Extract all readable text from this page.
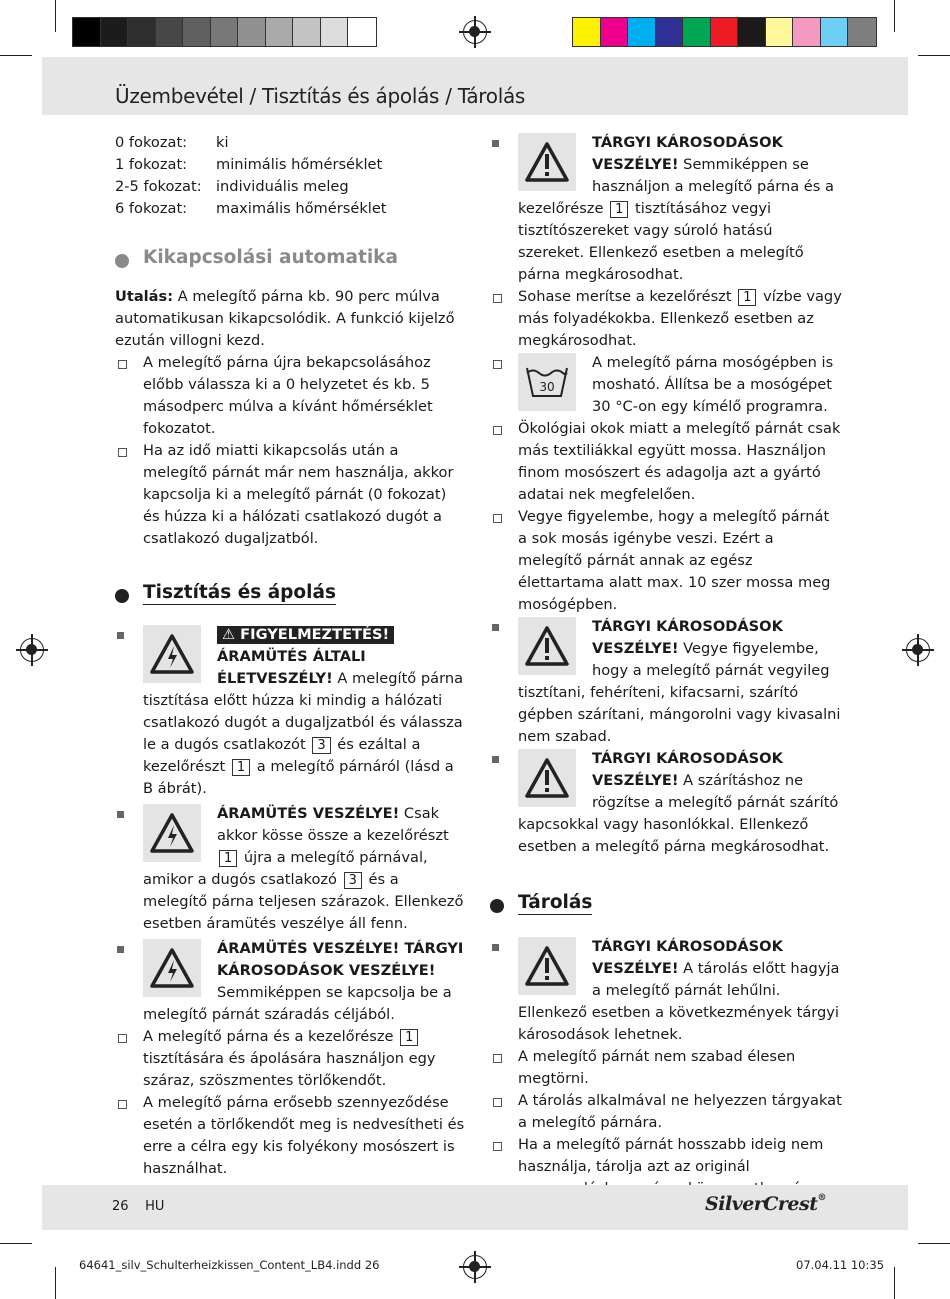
Üzembevétel / Tisztítás és ápolás / Tárolás
0 fokozat:	ki
1 fokozat:	minimális hőmérséklet
2-5 fokozat: individuális meleg
6 fokozat:	maximális hőmérséklet
Kikapcsolási automatika

Utalás: A melegítő párna kb. 90 perc múlva automatikusan kikapcsolódik. A funkció kijelző ezután villogni kezd.

A melegítő párna újra bekapcsolásához előbb válassza ki a 0 helyzetet és kb. 5 másodperc múlva a kívánt hőmérséklet fokozatot.
Ha az idő miatti kikapcsolás után a melegítő párnát már nem használja, akkor kapcsolja ki a melegítő párnát (0 fokozat) és húzza ki a hálózati csatlakozó dugót a csatlakozó dugaljzatból.
Tisztítás és ápolás
⚠ FIGYELMEZTETÉS! ÁRAMÜTÉS ÁLTALI ÉLETVESZÉLY! A melegítő párna tisztítása előtt húzza ki mindig a hálózati csatlakozó dugót a dugaljzatból és válassza le a dugós csatlakozót 3 és ezáltal a kezelőrészt 1 a melegítő párnáról (lásd a B ábrát).
ÁRAMÜTÉS VESZÉLYE! Csak akkor kösse össze a kezelőrészt 1 újra a melegítő párnával, amikor a dugós csatlakozó 3 és a melegítő párna teljesen szárazok. Ellenkező esetben áramütés veszélye áll fenn.
ÁRAMÜTÉS VESZÉLYE! TÁRGYI KÁROSODÁSOK VESZÉLYE! Semmiképpen se kapcsolja be a melegítő párnát száradás céljából.
A melegítő párna és a kezelőrésze 1 tisztítására és ápolására használjon egy száraz, szöszmentes törlőkendőt.
A melegítő párna erősebb szennyeződése esetén a törlőkendőt meg is nedvesítheti és erre a célra egy kis folyékony mosószert is használhat.
TÁRGYI KÁROSODÁSOK VESZÉLYE! Semmiképpen se használjon a melegítő párna és a kezelőrésze 1 tisztításához vegyi tisztítószereket vagy súroló hatású szereket. Ellenkező esetben a melegítő párna megkárosodhat.
Sohase merítse a kezelőrészt 1 vízbe vagy más folyadékokba. Ellenkező esetben az megkárosodhat.
30
A melegítő párna mosógépben is mosható. Állítsa be a mosógépet 30 °C-on egy kímélő programra.
Ökológiai okok miatt a melegítő párnát csak más textiliákkal együtt mossa. Használjon finom mosószert és adagolja azt a gyártó adatai nek megfelelően.
Vegye figyelembe, hogy a melegítő párnát a sok mosás igénybe veszi. Ezért a melegítő párnát annak az egész élettartama alatt max. 10 szer mossa meg mosógépben.
TÁRGYI KÁROSODÁSOK VESZÉLYE! Vegye figyelembe, hogy a melegítő párnát vegyileg tisztítani, fehéríteni, kifacsarni, szárító gépben szárítani, mángorolni vagy kivasalni nem szabad.
TÁRGYI KÁROSODÁSOK VESZÉLYE! A szárításhoz ne rögzítse a melegítő párnát szárító kapcsokkal vagy hasonlókkal. Ellenkező esetben a melegítő párna megkárosodhat.
Tárolás
TÁRGYI KÁROSODÁSOK VESZÉLYE! A tárolás előtt hagyja a melegítő párnát lehűlni. Ellenkező esetben a következmények tárgyi károsodások lehetnek.
A melegítő párnát nem szabad élesen megtörni.
A tárolás alkalmával ne helyezzen tárgyakat a melegítő párnára.
Ha a melegítő párnát hosszabb ideig nem használja, tárolja azt az originál
26 HU	SilverCrest®
64641_silv_Schulterheizkissen_Content_LB4.indd 26	07.04.11 10:35
